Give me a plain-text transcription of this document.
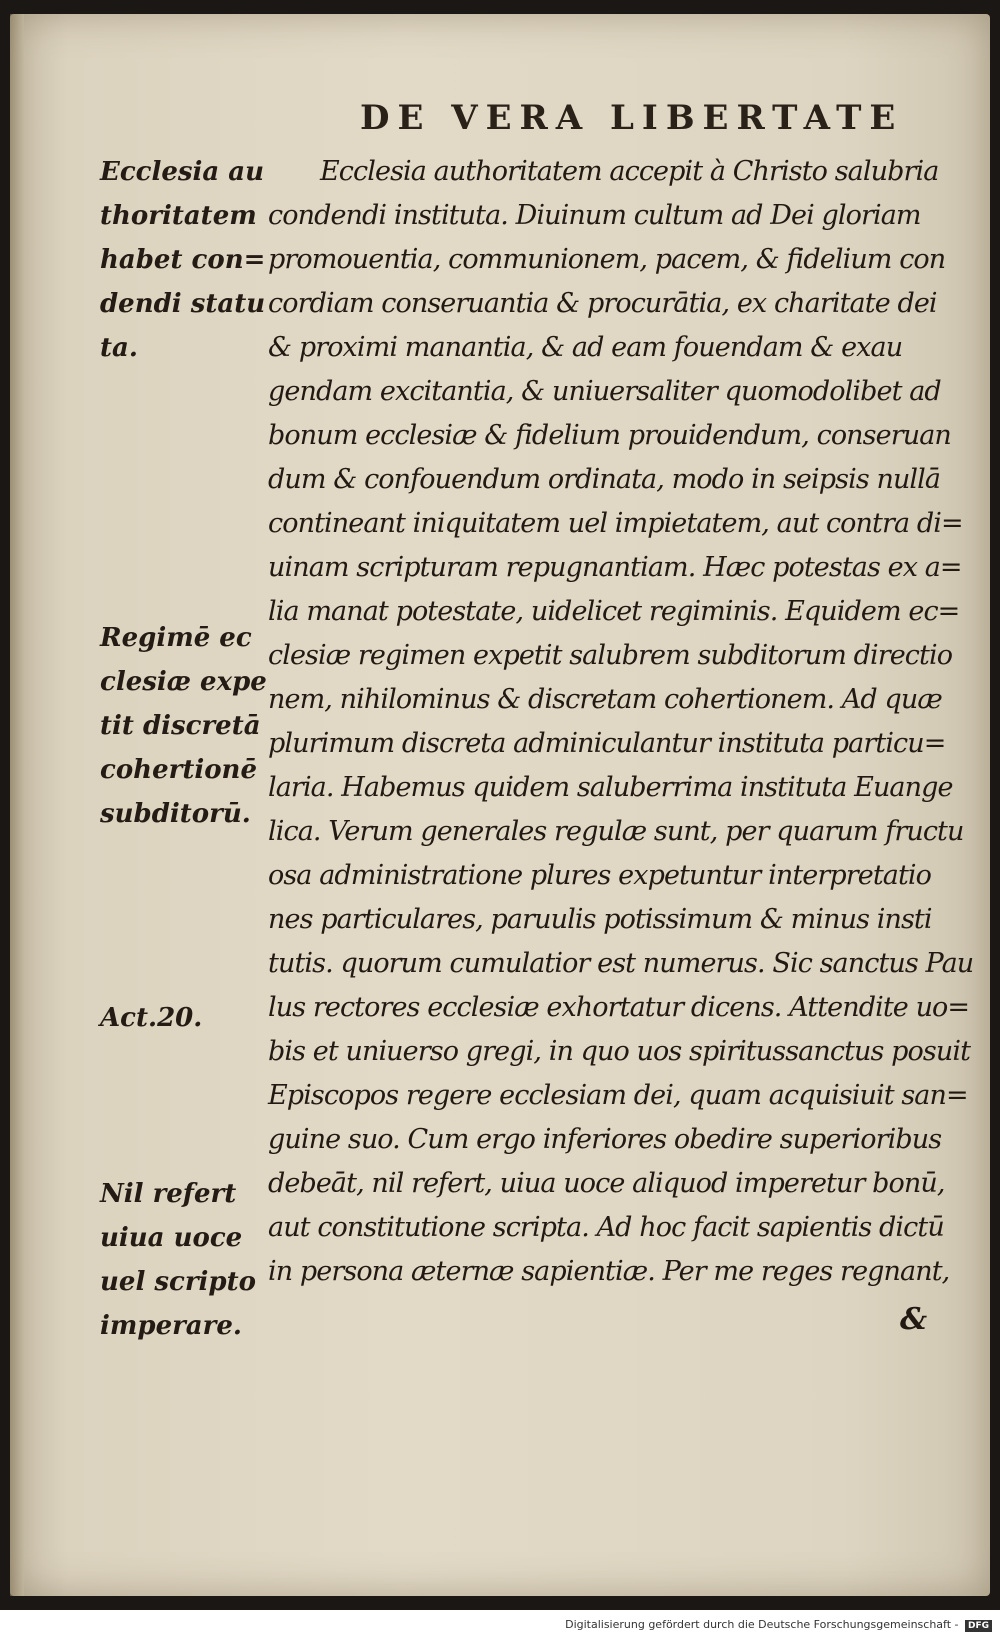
DE VERA LIBERTATE
Ecclesia au
thoritatem
habet con=
dendi statu
ta.
Regimē ec
clesiæ expe
tit discretā
cohertionē
subditorū.
Act.20.
Nil refert
uiua uoce
uel scripto
imperare.
Ecclesia authoritatem accepit à Christo salubria
condendi instituta. Diuinum cultum ad Dei gloriam
promouentia, communionem, pacem, & fidelium con
cordiam conseruantia & procurātia, ex charitate dei
& proximi manantia, & ad eam fouendam & exau
gendam excitantia, & uniuersaliter quomodolibet ad
bonum ecclesiæ & fidelium prouidendum, conseruan
dum & confouendum ordinata, modo in seipsis nullā
contineant iniquitatem uel impietatem, aut contra di=
uinam scripturam repugnantiam. Hæc potestas ex a=
lia manat potestate, uidelicet regiminis. Equidem ec=
clesiæ regimen expetit salubrem subditorum directio
nem, nihilominus & discretam cohertionem. Ad quæ
plurimum discreta adminiculantur instituta particu=
laria. Habemus quidem saluberrima instituta Euange
lica. Verum generales regulæ sunt, per quarum fructu
osa administratione plures expetuntur interpretatio
nes particulares, paruulis potissimum & minus insti
tutis. quorum cumulatior est numerus. Sic sanctus Pau
lus rectores ecclesiæ exhortatur dicens. Attendite uo=
bis et uniuerso gregi, in quo uos spiritussanctus posuit
Episcopos regere ecclesiam dei, quam acquisiuit san=
guine suo. Cum ergo inferiores obedire superioribus
debeāt, nil refert, uiua uoce aliquod imperetur bonū,
aut constitutione scripta. Ad hoc facit sapientis dictū
in persona æternæ sapientiæ. Per me reges regnant,
&
Digitalisierung gefördert durch die Deutsche Forschungsgemeinschaft - DFG
